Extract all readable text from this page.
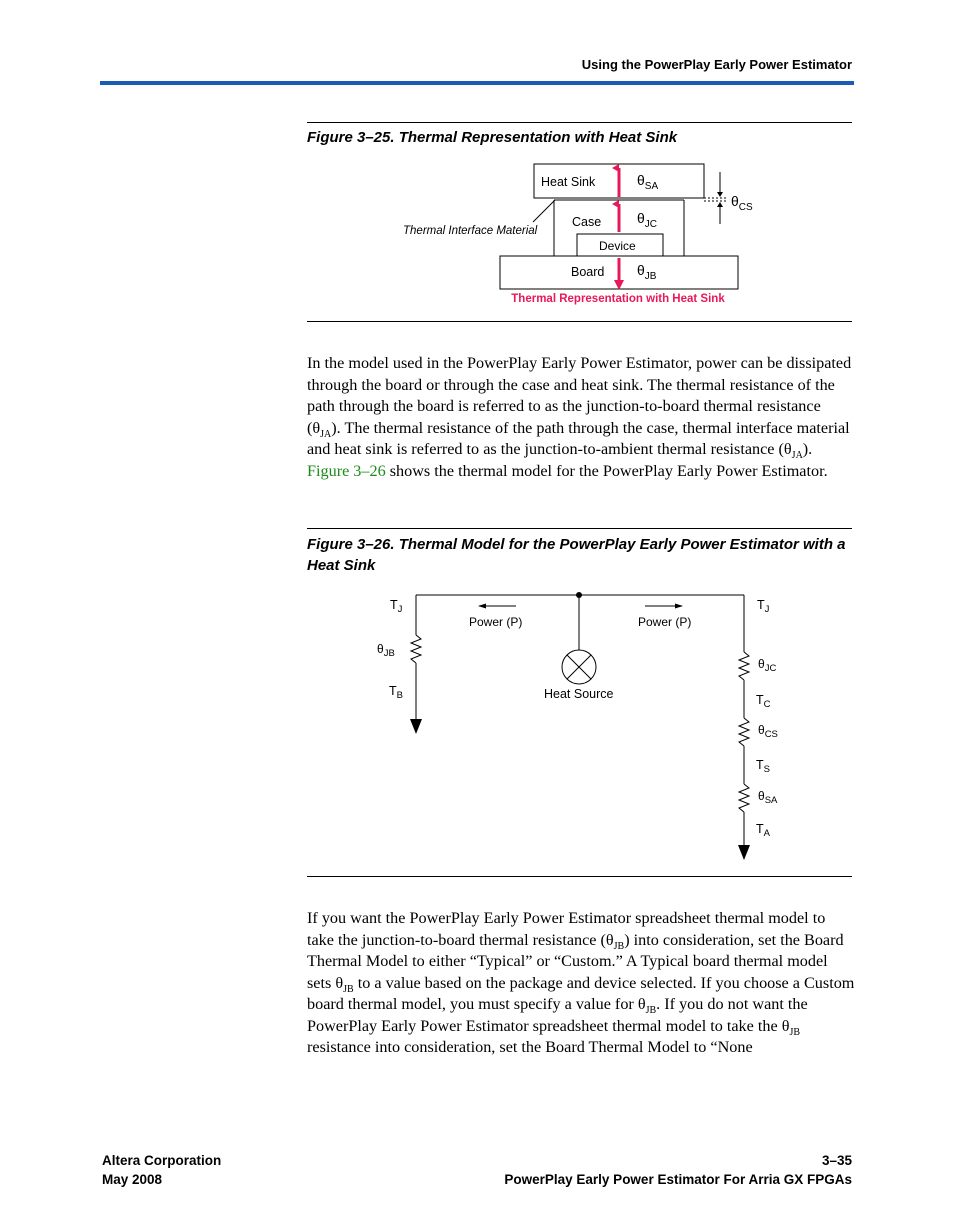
Using the PowerPlay Early Power Estimator
Figure 3–25. Thermal Representation with Heat Sink
Heat Sink
Case
Device
Board
$\theta_{SA}$
$\theta_{JC}$
$\theta_{JB}$
$\theta_{CS}$
Thermal Interface Material
Thermal Representation with Heat Sink
In the model used in the PowerPlay Early Power Estimator, power can be dissipated through the board or through the case and heat sink. The thermal resistance of the path through the board is referred to as the junction-to-board thermal resistance $(\theta_{JA})$. The thermal resistance of the path through the case, thermal interface material and heat sink is referred to as the junction-to-ambient thermal resistance $(\theta_{JA})$. Figure 3–26 shows the thermal model for the PowerPlay Early Power Estimator.
Figure 3–26. Thermal Model for the PowerPlay Early Power Estimator with a Heat Sink
Power (P)	Power (P)
Heat Source
$T_J$
$\theta_{JB}$
$T_B$
$T_J$
$\theta_{JC}$
$T_C$
$\theta_{CS}$
$T_S$
$\theta_{SA}$
$T_A$
If you want the PowerPlay Early Power Estimator spreadsheet thermal model to take the junction-to-board thermal resistance $(\theta_{JB})$ into consideration, set the Board Thermal Model to either “Typical” or “Custom.” A Typical board thermal model sets $\theta_{JB}$ to a value based on the package and device selected. If you choose a Custom board thermal model, you must specify a value for $\theta_{JB}$. If you do not want the PowerPlay Early Power Estimator spreadsheet thermal model to take the $\theta_{JB}$ resistance into consideration, set the Board Thermal Model to “None
Altera Corporation
May 2008
3–35
PowerPlay Early Power Estimator For Arria GX FPGAs
